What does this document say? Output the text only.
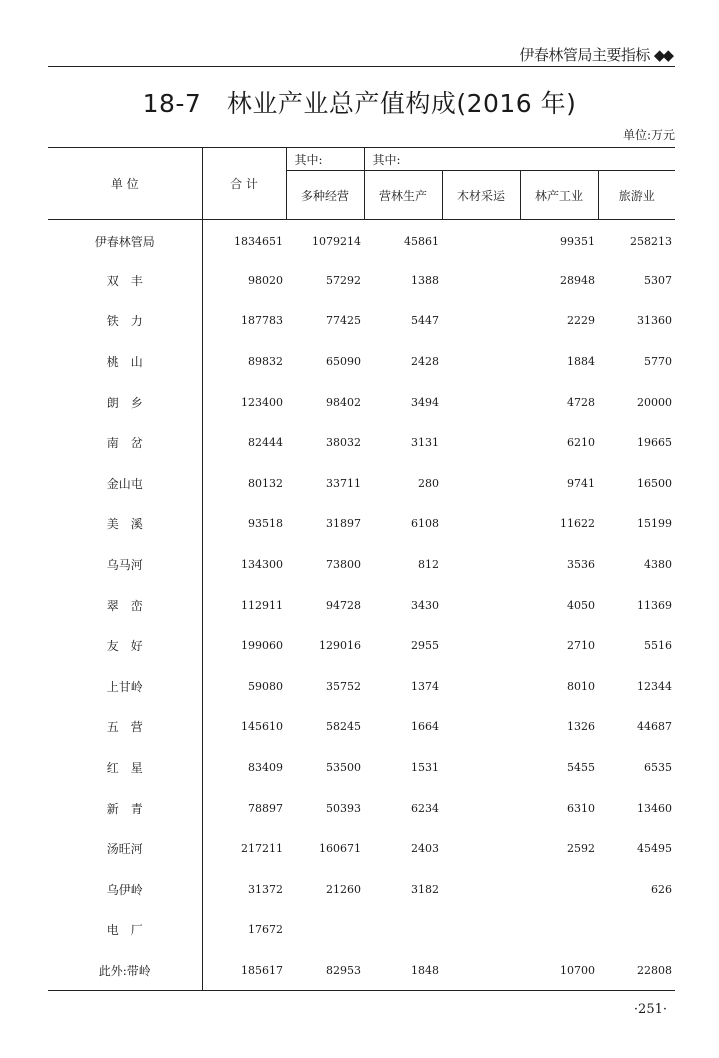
伊春林管局主要指标 ◆◆
18-7　林业产业总产值构成(2016 年)
单位:万元
单 位	合 计	其中:	其中:			
		多种经营	营林生产	木材采运	林产工业	旅游业
伊春林管局	1834651	1079214	45861		99351	258213
双　丰	98020	57292	1388		28948	5307
铁　力	187783	77425	5447		2229	31360
桃　山	89832	65090	2428		1884	5770
朗　乡	123400	98402	3494		4728	20000
南　岔	82444	38032	3131		6210	19665
金山屯	80132	33711	280		9741	16500
美　溪	93518	31897	6108		11622	15199
乌马河	134300	73800	812		3536	4380
翠　峦	112911	94728	3430		4050	11369
友　好	199060	129016	2955		2710	5516
上甘岭	59080	35752	1374		8010	12344
五　营	145610	58245	1664		1326	44687
红　星	83409	53500	1531		5455	6535
新　青	78897	50393	6234		6310	13460
汤旺河	217211	160671	2403		2592	45495
乌伊岭	31372	21260	3182			626
电　厂	17672					
此外:带岭	185617	82953	1848		10700	22808
·251·
